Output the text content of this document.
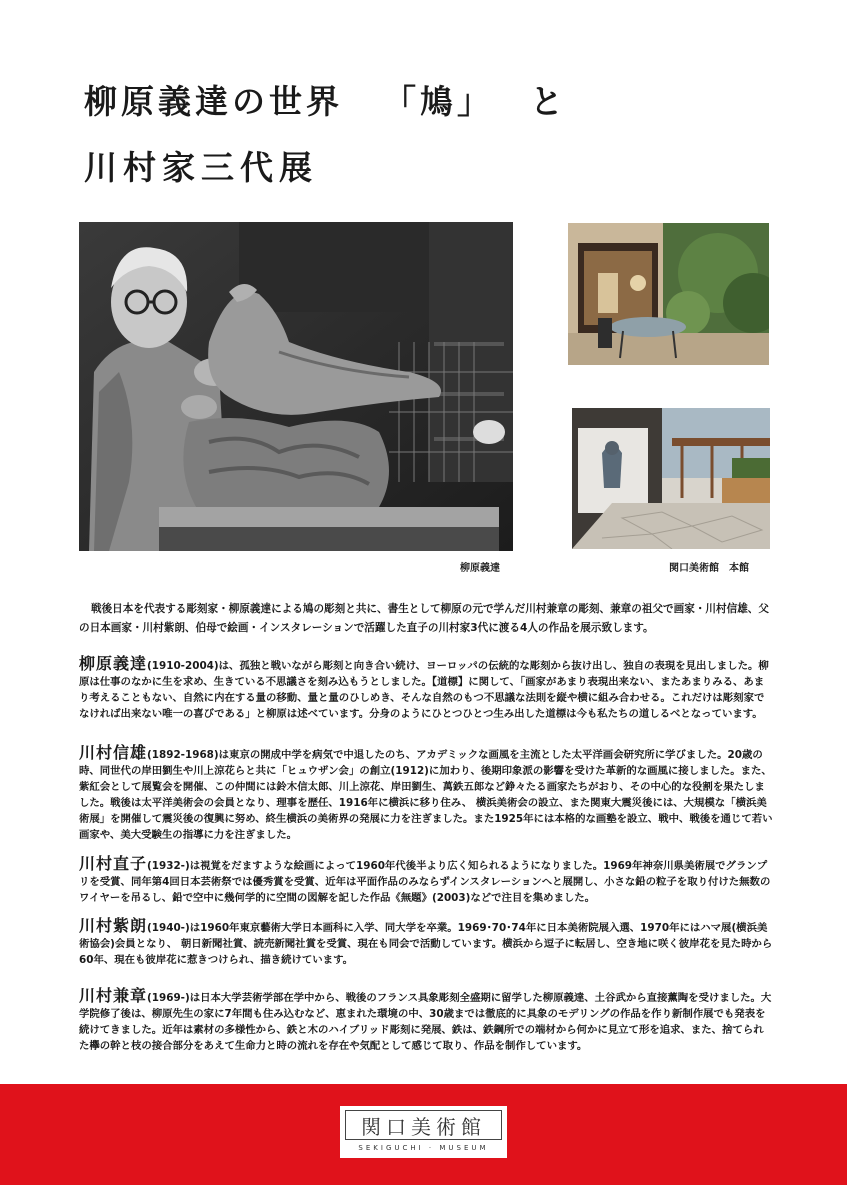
柳原義達の世界 「鳩」 と
川村家三代展
柳原義達	関口美術館 本館

戦後日本を代表する彫刻家・柳原義達による鳩の彫刻と共に、書生として柳原の元で学んだ川村兼章の彫刻、兼章の祖父で画家・川村信雄、父の日本画家・川村紫朗、伯母で絵画・インスタレーションで活躍した直子の川村家3代に渡る4人の作品を展示致します。

柳原義達(1910-2004)は、孤独と戦いながら彫刻と向き合い続け、ヨーロッパの伝統的な彫刻から抜け出し、独自の表現を見出しました。柳原は仕事のなかに生を求め、生きている不思議さを刻み込もうとしました。【道標】に関して、「画家があまり表現出来ない、またあまりみる、あまり考えることもない、自然に内在する量の移動、量と量のひしめき、そんな自然のもつ不思議な法則を縦や横に組み合わせる。これだけは彫刻家でなければ出来ない唯一の喜びである」と柳原は述べています。分身のようにひとつひとつ生み出した道標は今も私たちの道しるべとなっています。
川村信雄(1892-1968)は東京の開成中学を病気で中退したのち、アカデミックな画風を主流とした太平洋画会研究所に学びました。20歳の時、同世代の岸田劉生や川上涼花らと共に「ヒュウザン会」の創立(1912)に加わり、後期印象派の影響を受けた革新的な画風に接しました。また、紫紅会として展覧会を開催、この仲間には鈴木信太郎、川上涼花、岸田劉生、萬鉄五郎など錚々たる画家たちがおり、その中心的な役割を果たしました。戦後は太平洋美術会の会員となり、理事を歴任、1916年に横浜に移り住み、 横浜美術会の設立、また関東大震災後には、大規模な「横浜美術展」を開催して震災後の復興に努め、終生横浜の美術界の発展に力を注ぎました。また1925年には本格的な画塾を設立、戦中、戦後を通じて若い画家や、美大受験生の指導に力を注ぎました。
川村直子(1932-)は視覚をだますような絵画によって1960年代後半より広く知られるようになりました。1969年神奈川県美術展でグランプリを受賞、同年第4回日本芸術祭では優秀賞を受賞、近年は平面作品のみならずインスタレーションへと展開し、小さな鉛の粒子を取り付けた無数のワイヤーを吊るし、鉛で空中に幾何学的に空間の図解を記した作品《無題》(2003)などで注目を集めました。
川村紫朗(1940-)は1960年東京藝術大学日本画科に入学、同大学を卒業。1969･70･74年に日本美術院展入選、1970年にはハマ展(横浜美術協会)会員となり、 朝日新聞社賞、読売新聞社賞を受賞、現在も同会で活動しています。横浜から逗子に転居し、空き地に咲く彼岸花を見た時から60年、現在も彼岸花に惹きつけられ、描き続けています。
川村兼章(1969-)は日本大学芸術学部在学中から、戦後のフランス具象彫刻全盛期に留学した柳原義達、土谷武から直接薫陶を受けました。大学院修了後は、柳原先生の家に7年間も住み込むなど、恵まれた環境の中、30歳までは徹底的に具象のモデリングの作品を作り新制作展でも発表を続けてきました。近年は素材の多様性から、鉄と木のハイブリッド彫刻に発展、鉄は、鉄鋼所での端材から何かに見立て形を追求、また、捨てられた欅の幹と枝の接合部分をあえて生命力と時の流れを存在や気配として感じて取り、作品を制作しています。
関口美術館
SEKIGUCHI · MUSEUM
